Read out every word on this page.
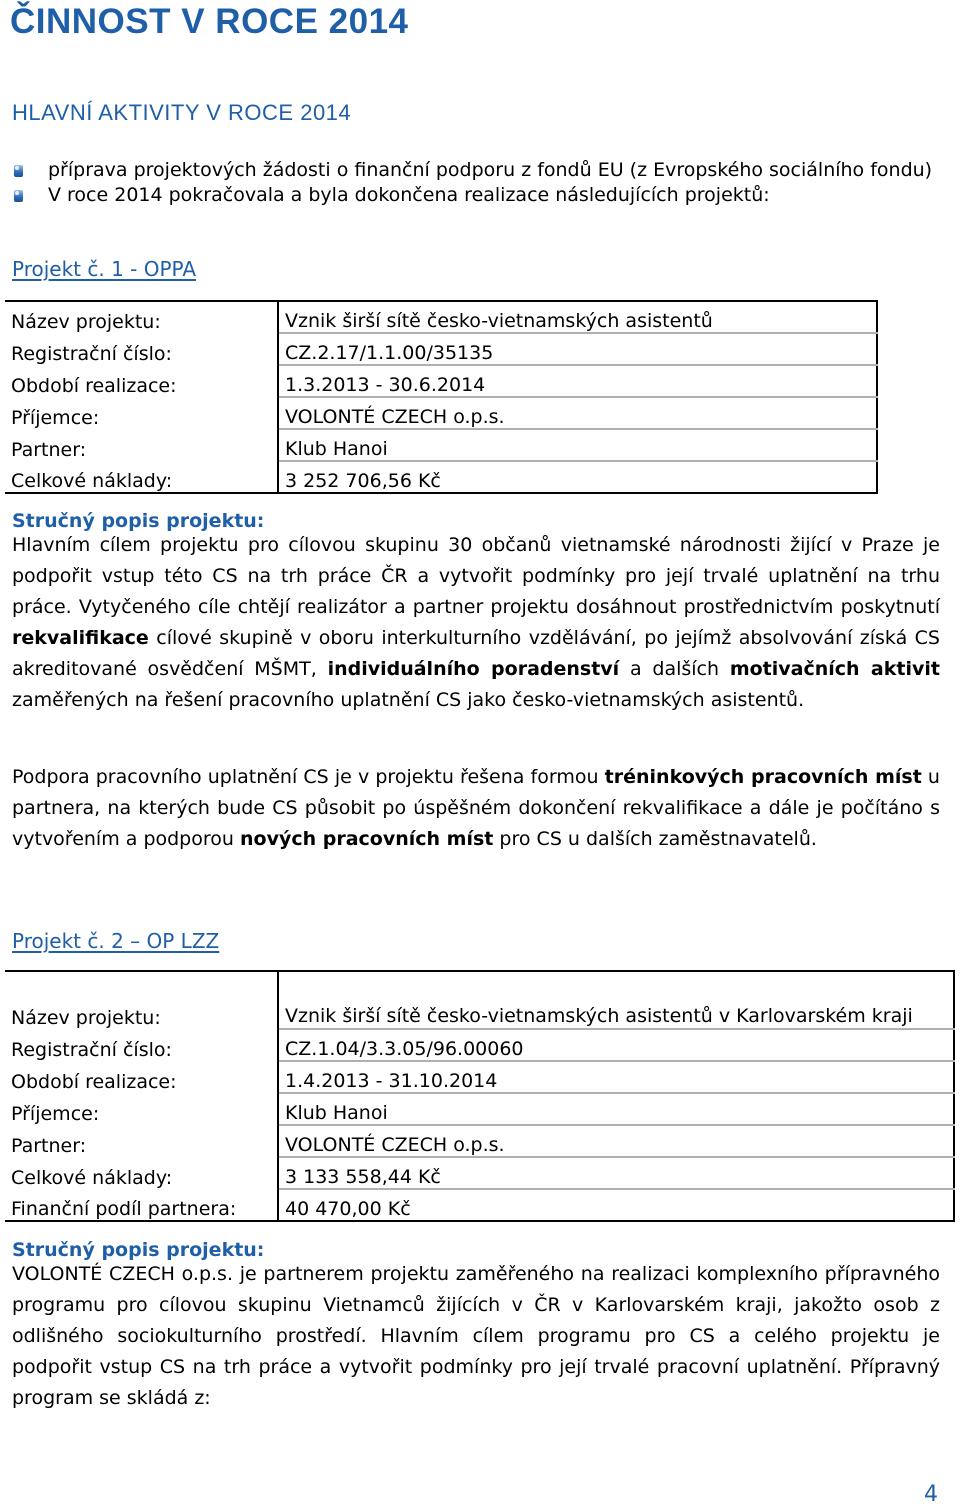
ČINNOST V ROCE 2014
HLAVNÍ AKTIVITY V ROCE 2014
příprava projektových žádosti o finanční podporu z fondů EU (z Evropského sociálního fondu)
V roce 2014 pokračovala a byla dokončena realizace následujících projektů:
Projekt č. 1 - OPPA
Název projektu:	Vznik širší sítě česko-vietnamských asistentů
Registrační číslo:	CZ.2.17/1.1.00/35135
Období realizace:	1.3.2013 - 30.6.2014
Příjemce:	VOLONTÉ CZECH o.p.s.
Partner:	Klub Hanoi
Celkové náklady:	3 252 706,56 Kč
Stručný popis projektu:

Hlavním cílem projektu pro cílovou skupinu 30 občanů vietnamské národnosti žijící v Praze je podpořit vstup této CS na trh práce ČR a vytvořit podmínky pro její trvalé uplatnění na trhu práce. Vytyčeného cíle chtějí realizátor a partner projektu dosáhnout prostřednictvím poskytnutí rekvalifikace cílové skupině v oboru interkulturního vzdělávání, po jejímž absolvování získá CS akreditované osvědčení MŠMT, individuálního poradenství a dalších motivačních aktivit zaměřených na řešení pracovního uplatnění CS jako česko-vietnamských asistentů.

Podpora pracovního uplatnění CS je v projektu řešena formou tréninkových pracovních míst u partnera, na kterých bude CS působit po úspěšném dokončení rekvalifikace a dále je počítáno s vytvořením a podporou nových pracovních míst pro CS u dalších zaměstnavatelů.

Projekt č. 2 – OP LZZ
Název projektu:	Vznik širší sítě česko-vietnamských asistentů v Karlovarském kraji
Registrační číslo:	CZ.1.04/3.3.05/96.00060
Období realizace:	1.4.2013 - 31.10.2014
Příjemce:	Klub Hanoi
Partner:	VOLONTÉ CZECH o.p.s.
Celkové náklady:	3 133 558,44 Kč
Finanční podíl partnera:	40 470,00 Kč
Stručný popis projektu:

VOLONTÉ CZECH o.p.s. je partnerem projektu zaměřeného na realizaci komplexního přípravného programu pro cílovou skupinu Vietnamců žijících v ČR v Karlovarském kraji, jakožto osob z odlišného sociokulturního prostředí. Hlavním cílem programu pro CS a celého projektu je podpořit vstup CS na trh práce a vytvořit podmínky pro její trvalé pracovní uplatnění. Přípravný program se skládá z:

4
